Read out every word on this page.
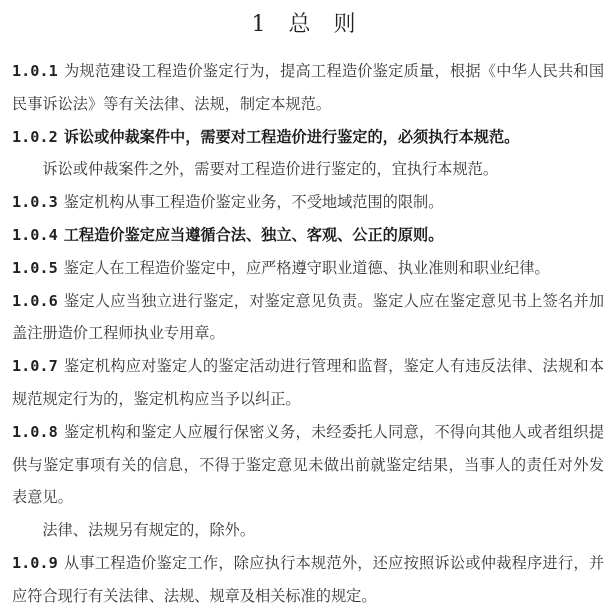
1 总 则

1.0.1 为规范建设工程造价鉴定行为，提高工程造价鉴定质量，根据《中华人民共和国民事诉讼法》等有关法律、法规，制定本规范。

1.0.2 诉讼或仲裁案件中，需要对工程造价进行鉴定的，必须执行本规范。

诉讼或仲裁案件之外，需要对工程造价进行鉴定的，宜执行本规范。

1.0.3 鉴定机构从事工程造价鉴定业务，不受地域范围的限制。

1.0.4 工程造价鉴定应当遵循合法、独立、客观、公正的原则。

1.0.5 鉴定人在工程造价鉴定中，应严格遵守职业道德、执业准则和职业纪律。

1.0.6 鉴定人应当独立进行鉴定，对鉴定意见负责。鉴定人应在鉴定意见书上签名并加盖注册造价工程师执业专用章。

1.0.7 鉴定机构应对鉴定人的鉴定活动进行管理和监督，鉴定人有违反法律、法规和本规范规定行为的，鉴定机构应当予以纠正。

1.0.8 鉴定机构和鉴定人应履行保密义务，未经委托人同意，不得向其他人或者组织提供与鉴定事项有关的信息，不得于鉴定意见未做出前就鉴定结果，当事人的责任对外发表意见。

法律、法规另有规定的，除外。

1.0.9 从事工程造价鉴定工作，除应执行本规范外，还应按照诉讼或仲裁程序进行，并应符合现行有关法律、法规、规章及相关标准的规定。
